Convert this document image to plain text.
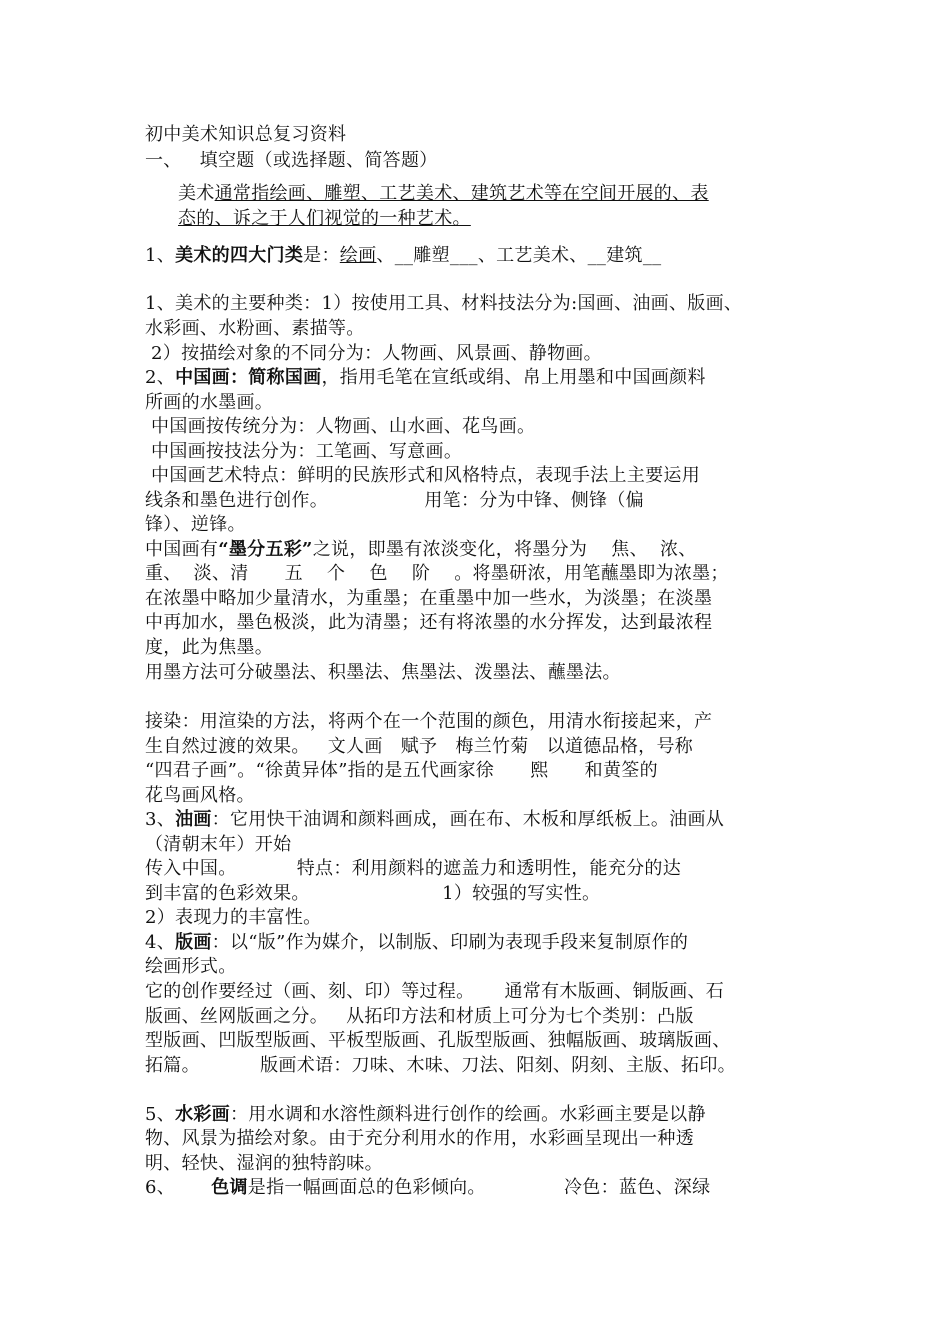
初中美术知识总复习资料
一、   填空题（或选择题、简答题）
美术通常指绘画、雕塑、工艺美术、建筑艺术等在空间开展的、表
态的、诉之于人们视觉的一种艺术。
1、美术的四大门类是：绘画、__雕塑___、工艺美术、__建筑__
1、美术的主要种类：1）按使用工具、材料技法分为:国画、油画、版画、
水彩画、水粉画、素描等。
2）按描绘对象的不同分为：人物画、风景画、静物画。
2、中国画：简称国画，指用毛笔在宣纸或绢、帛上用墨和中国画颜料
所画的水墨画。
中国画按传统分为：人物画、山水画、花鸟画。
中国画按技法分为：工笔画、写意画。
中国画艺术特点：鲜明的民族形式和风格特点，表现手法上主要运用
线条和墨色进行创作。                用笔：分为中锋、侧锋（偏
锋）、逆锋。
中国画有“墨分五彩”之说，即墨有浓淡变化，将墨分为    焦、  浓、
重、  淡、清      五    个    色    阶    。将墨研浓，用笔蘸墨即为浓墨；
在浓墨中略加少量清水，为重墨；在重墨中加一些水，为淡墨；在淡墨
中再加水，墨色极淡，此为清墨；还有将浓墨的水分挥发，达到最浓程
度，此为焦墨。
用墨方法可分破墨法、积墨法、焦墨法、泼墨法、蘸墨法。
接染：用渲染的方法，将两个在一个范围的颜色，用清水衔接起来，产
生自然过渡的效果。   文人画   赋予   梅兰竹菊   以道德品格，号称
“四君子画”。“徐黄异体”指的是五代画家徐      熙      和黄筌的
花鸟画风格。
3、油画：它用快干油调和颜料画成，画在布、木板和厚纸板上。油画从
（清朝末年）开始
传入中国。          特点：利用颜料的遮盖力和透明性，能充分的达
到丰富的色彩效果。                      1）较强的写实性。
2）表现力的丰富性。
4、版画：以“版”作为媒介，以制版、印刷为表现手段来复制原作的
绘画形式。
它的创作要经过（画、刻、印）等过程。     通常有木版画、铜版画、石
版画、丝网版画之分。   从拓印方法和材质上可分为七个类别：凸版
型版画、凹版型版画、平板型版画、孔版型版画、独幅版画、玻璃版画、
拓篇。          版画术语：刀味、木味、刀法、阳刻、阴刻、主版、拓印。
5、水彩画：用水调和水溶性颜料进行创作的绘画。水彩画主要是以静
物、风景为描绘对象。由于充分利用水的作用，水彩画呈现出一种透
明、轻快、湿润的独特韵味。
6、      色调是指一幅画面总的色彩倾向。             冷色：蓝色、深绿
